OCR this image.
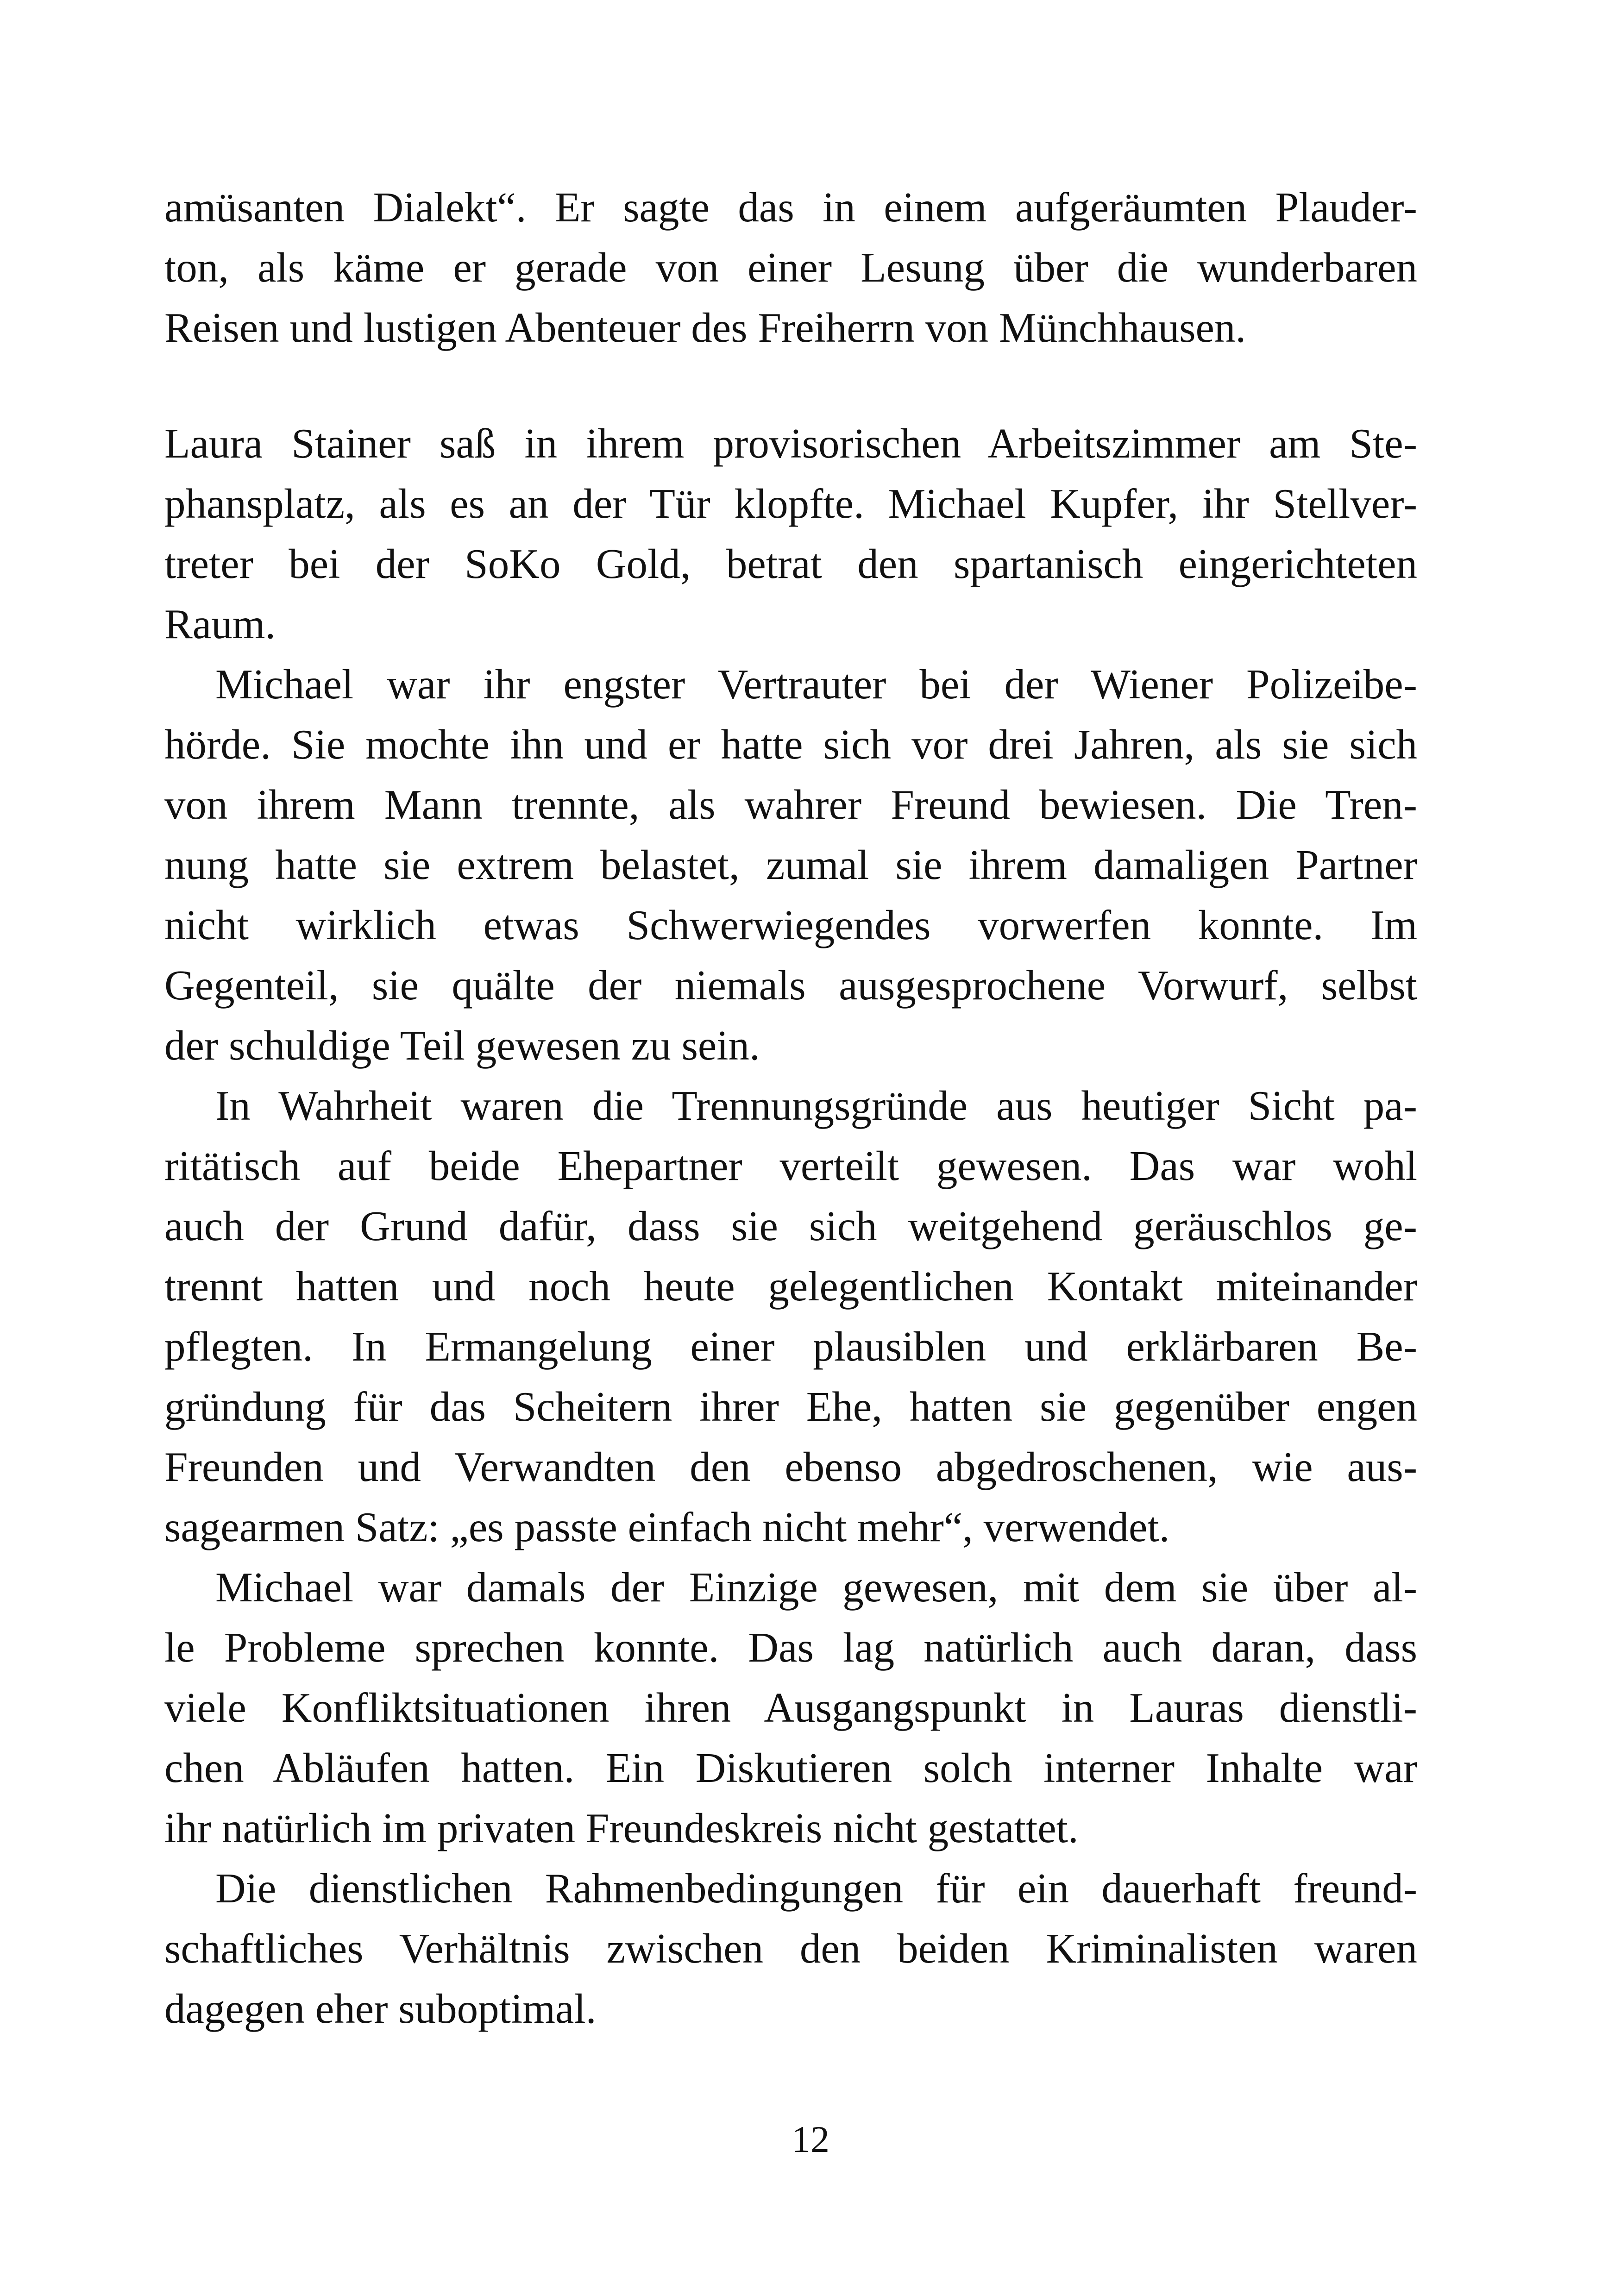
amüsanten Dialekt“. Er sagte das in einem aufgeräumten Plauder-
ton, als käme er gerade von einer Lesung über die wunderbaren
Reisen und lustigen Abenteuer des Freiherrn von Münchhausen.
Laura Stainer saß in ihrem provisorischen Arbeitszimmer am Ste-
phansplatz, als es an der Tür klopfte. Michael Kupfer, ihr Stellver-
treter bei der SoKo Gold, betrat den spartanisch eingerichteten
Raum.
Michael war ihr engster Vertrauter bei der Wiener Polizeibe-
hörde. Sie mochte ihn und er hatte sich vor drei Jahren, als sie sich
von ihrem Mann trennte, als wahrer Freund bewiesen. Die Tren-
nung hatte sie extrem belastet, zumal sie ihrem damaligen Partner
nicht wirklich etwas Schwerwiegendes vorwerfen konnte. Im
Gegenteil, sie quälte der niemals ausgesprochene Vorwurf, selbst
der schuldige Teil gewesen zu sein.
In Wahrheit waren die Trennungsgründe aus heutiger Sicht pa-
ritätisch auf beide Ehepartner verteilt gewesen. Das war wohl
auch der Grund dafür, dass sie sich weitgehend geräuschlos ge-
trennt hatten und noch heute gelegentlichen Kontakt miteinander
pflegten. In Ermangelung einer plausiblen und erklärbaren Be-
gründung für das Scheitern ihrer Ehe, hatten sie gegenüber engen
Freunden und Verwandten den ebenso abgedroschenen, wie aus-
sagearmen Satz: „es passte einfach nicht mehr“, verwendet.
Michael war damals der Einzige gewesen, mit dem sie über al-
le Probleme sprechen konnte. Das lag natürlich auch daran, dass
viele Konfliktsituationen ihren Ausgangspunkt in Lauras dienstli-
chen Abläufen hatten. Ein Diskutieren solch interner Inhalte war
ihr natürlich im privaten Freundeskreis nicht gestattet.
Die dienstlichen Rahmenbedingungen für ein dauerhaft freund-
schaftliches Verhältnis zwischen den beiden Kriminalisten waren
dagegen eher suboptimal.
12
